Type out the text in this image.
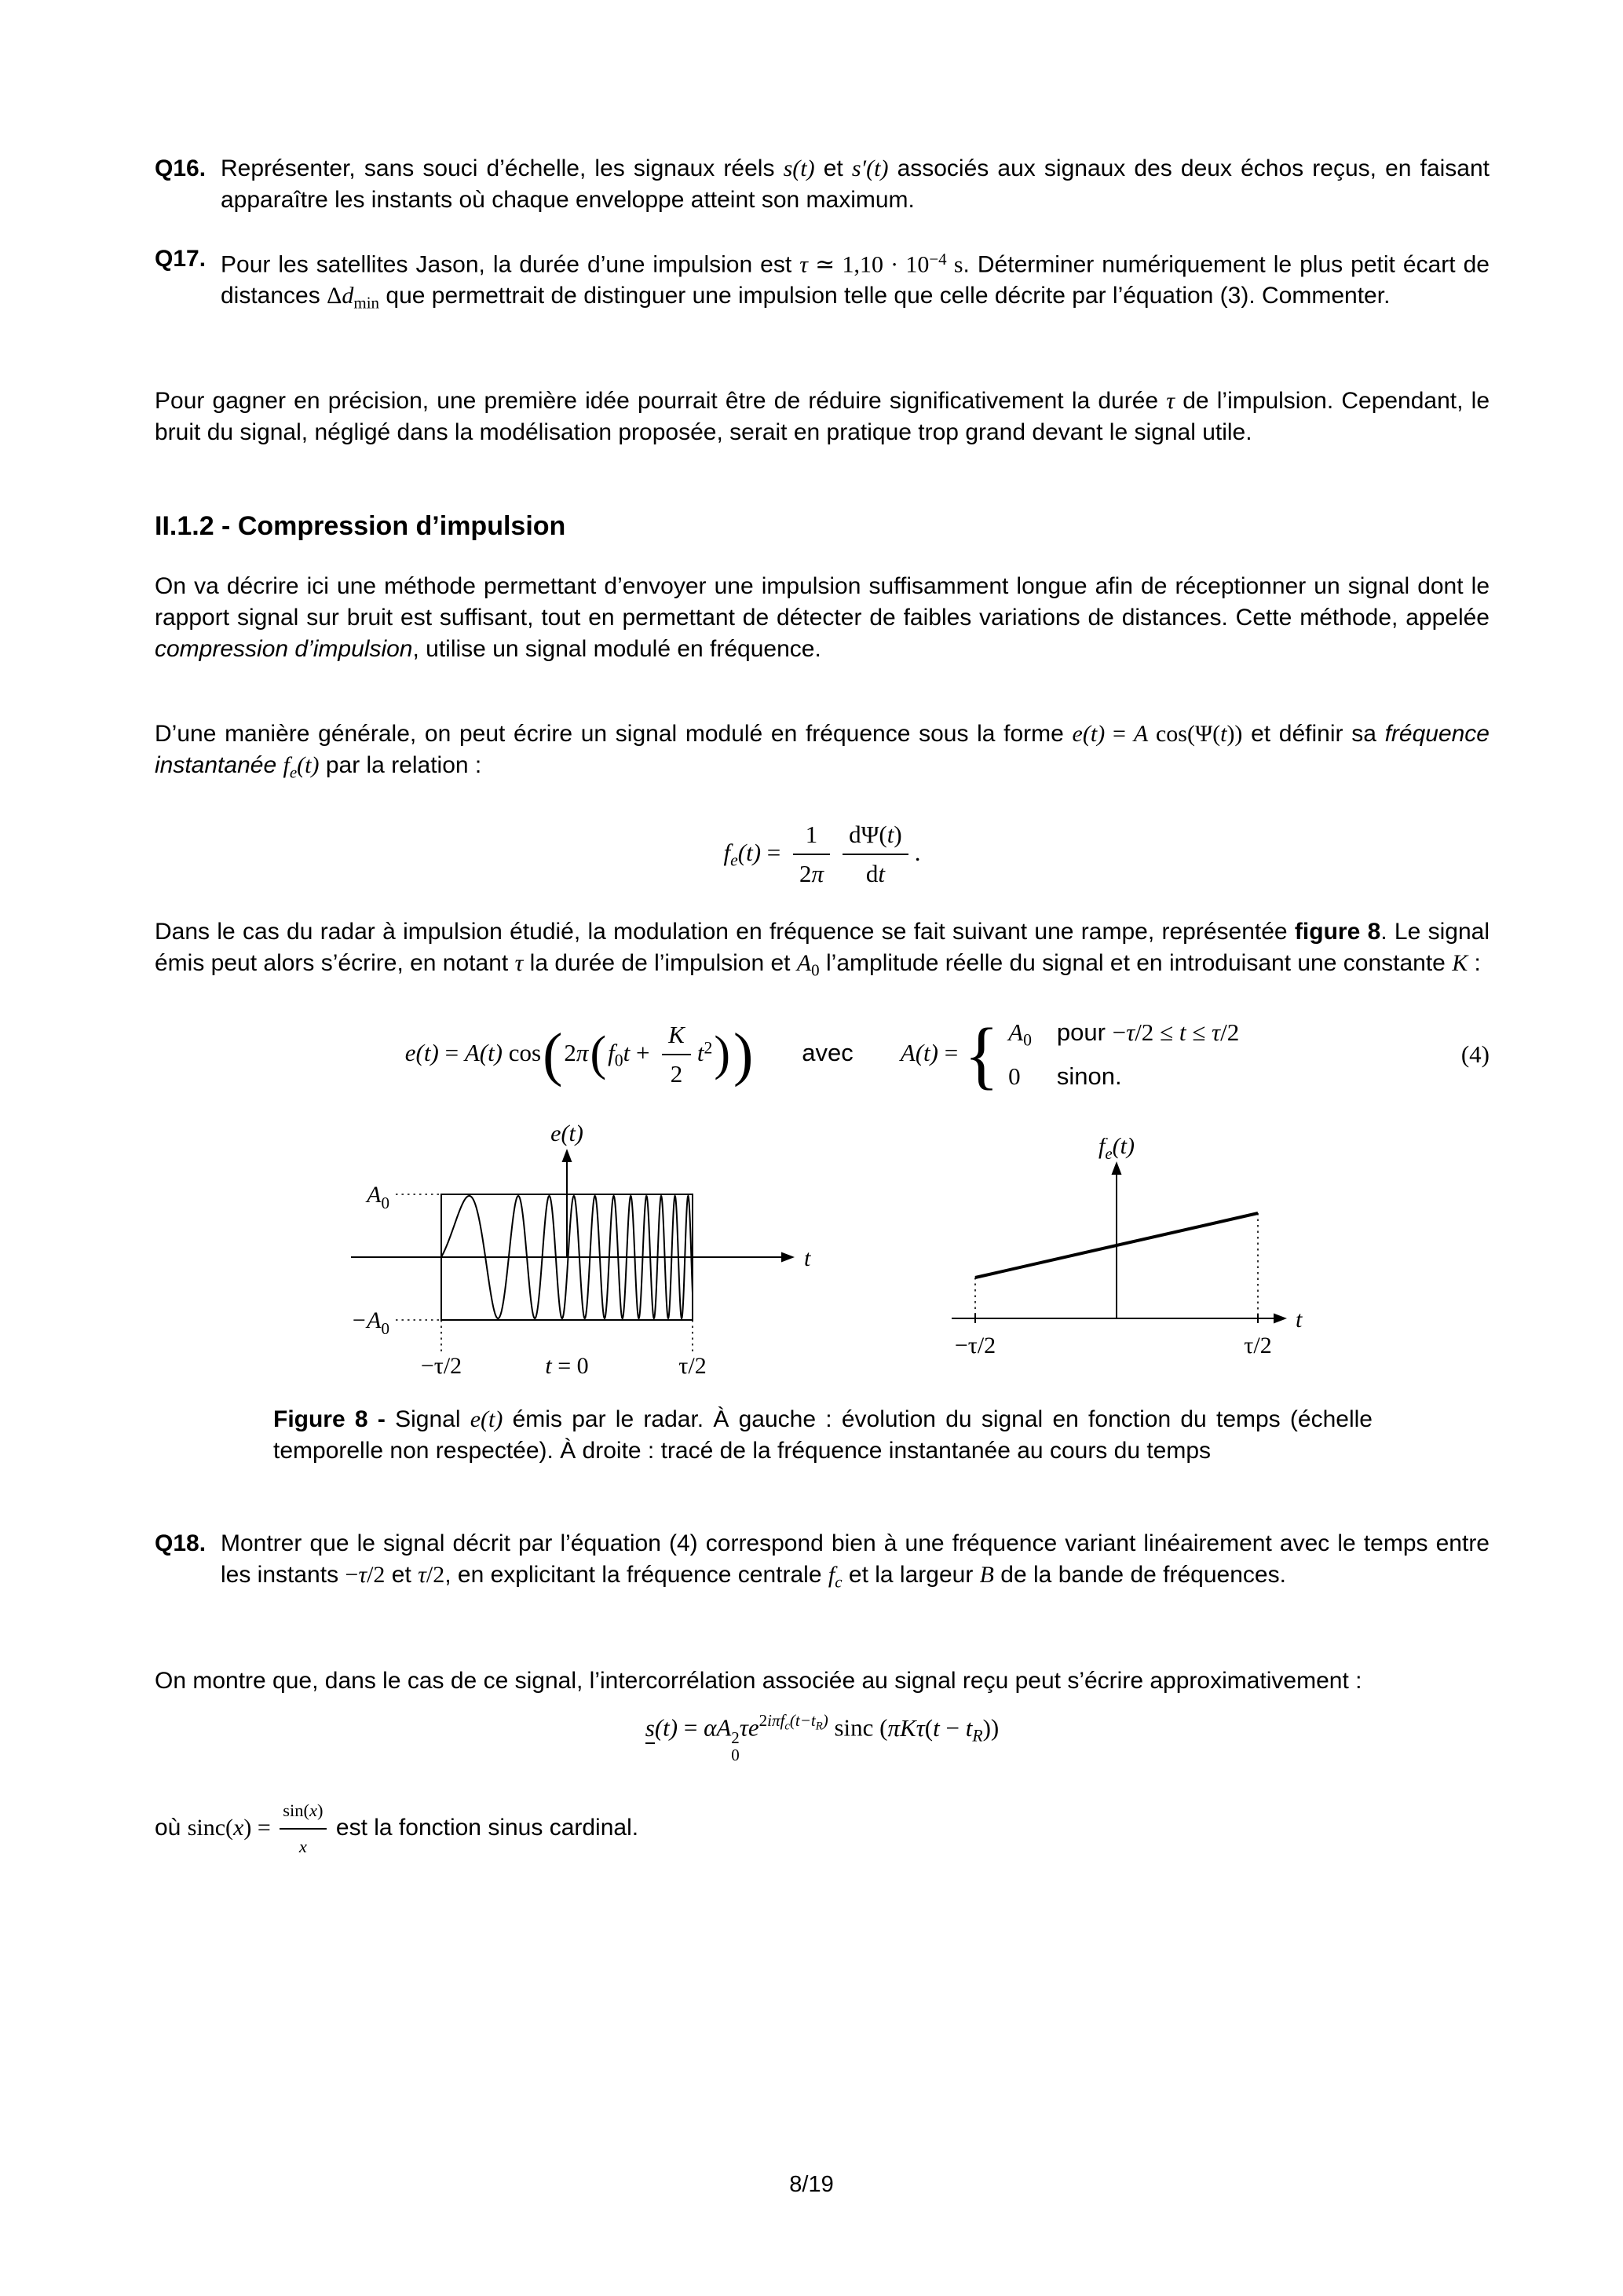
Q16. Représenter, sans souci d’échelle, les signaux réels s(t) et s′(t) associés aux signaux des deux échos reçus, en faisant apparaître les instants où chaque enveloppe atteint son maximum.

Q17. Pour les satellites Jason, la durée d’une impulsion est τ ≃ $1,10 \cdot 10^{-4}$ s. Déterminer numériquement le plus petit écart de distances $\Delta d_{min}$ que permettrait de distinguer une impulsion telle que celle décrite par l’équation (3). Commenter.

Pour gagner en précision, une première idée pourrait être de réduire significativement la durée τ de l’impulsion. Cependant, le bruit du signal, négligé dans la modélisation proposée, serait en pratique trop grand devant le signal utile.

II.1.2 - Compression d’impulsion

On va décrire ici une méthode permettant d’envoyer une impulsion suffisamment longue afin de réceptionner un signal dont le rapport signal sur bruit est suffisant, tout en permettant de détecter de faibles variations de distances. Cette méthode, appelée compression d’impulsion, utilise un signal modulé en fréquence.

D’une manière générale, on peut écrire un signal modulé en fréquence sous la forme e(t) = A cos(Ψ(t)) et définir sa fréquence instantanée $f_e(t)$ par la relation :

$f_e(t) = \frac{1}{2\pi} \frac{d\Psi(t)}{dt}$ .

Dans le cas du radar à impulsion étudié, la modulation en fréquence se fait suivant une rampe, représentée figure 8. Le signal émis peut alors s’écrire, en notant τ la durée de l’impulsion et $A_0$ l’amplitude réelle du signal et en introduisant une constante K :

e(t) = A(t) $\cos(2\pi(f_0t + \frac{K}{2} t^2))$ avec A(t) = { $A_0$ pour −τ/2 ≤ t ≤ τ/2
0	sinon.
(4)
t
e(t)
$A_0$
$-A_0$
−τ/2	t = 0	τ/2
t
$f_e(t)$
−τ/2	τ/2

Figure 8 - Signal e(t) émis par le radar. À gauche : évolution du signal en fonction du temps (échelle temporelle non respectée). À droite : tracé de la fréquence instantanée au cours du temps

Q18. Montrer que le signal décrit par l’équation (4) correspond bien à une fréquence variant linéairement avec le temps entre les instants −τ/2 et τ/2, en explicitant la fréquence centrale $f_c$ et la largeur B de la bande de fréquences.

On montre que, dans le cas de ce signal, l’intercorrélation associée au signal reçu peut s’écrire approximativement :

s(t) = αA 2
0
$\tau e^{2i\pi f_c(t-t_R)}$ sinc $(\pi K\tau(t - t_R))$

où $\sin c(x) = \frac{\sin(x)}{x}$ est la fonction sinus cardinal.

8/19
